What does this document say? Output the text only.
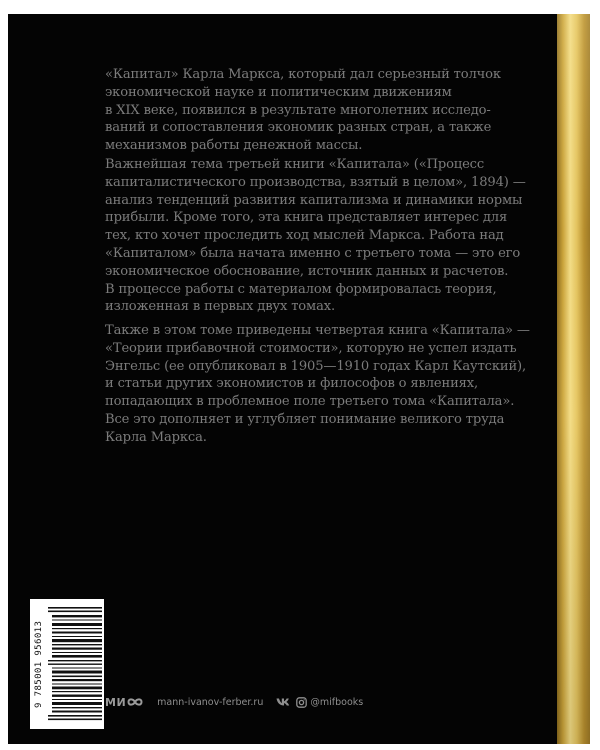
«Капитал» Карла Маркса, который дал серьезный толчок
экономической науке и политическим движениям
в XIX веке, появился в результате многолетних исследо-
ваний и сопоставления экономик разных стран, а также
механизмов работы денежной массы.
Важнейшая тема третьей книги «Капитала» («Процесс
капиталистического производства, взятый в целом», 1894) —
анализ тенденций развития капитализма и динамики нормы
прибыли. Кроме того, эта книга представляет интерес для
тех, кто хочет проследить ход мыслей Маркса. Работа над
«Капиталом» была начата именно с третьего тома — это его
экономическое обоснование, источник данных и расчетов.
В процессе работы с материалом формировалась теория,
изложенная в первых двух томах.
Также в этом томе приведены четвертая книга «Капитала» —
«Теории прибавочной стоимости», которую не успел издать
Энгельс (ее опубликовал в 1905—1910 годах Карл Каутский),
и статьи других экономистов и философов о явлениях,
попадающих в проблемное поле третьего тома «Капитала».
Все это дополняет и углубляет понимание великого труда
Карла Маркса.
9 785001 956013	МИ	mann-ivanov-ferber.ru	@mifbooks
